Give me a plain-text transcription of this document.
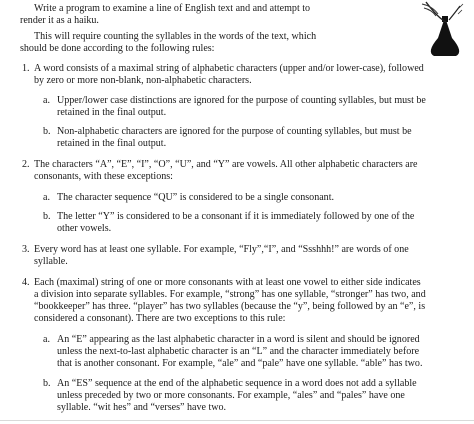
Write a program to examine a line of English text and and attempt to
render it as a haiku.
This will require counting the syllables in the words of the text, which
should be done according to the following rules:
1. A word consists of a maximal string of alphabetic characters (upper and/or lower-case), followed
by zero or more non-blank, non-alphabetic characters.
a. Upper/lower case distinctions are ignored for the purpose of counting syllables, but must be
retained in the final output.
b. Non-alphabetic characters are ignored for the purpose of counting syllables, but must be
retained in the final output.
2. The characters “A”, “E”, “I”, “O”, “U”, and “Y” are vowels. All other alphabetic characters are
consonants, with these exceptions:
a. The character sequence “QU” is considered to be a single consonant.
b. The letter “Y” is considered to be a consonant if it is immediately followed by one of the
other vowels.
3. Every word has at least one syllable. For example, “Fly”,“I”, and “Ssshhh!” are words of one
syllable.
4. Each (maximal) string of one or more consonants with at least one vowel to either side indicates
a division into separate syllables. For example, “strong” has one syllable, “stronger” has two, and
“bookkeeper” has three. “player” has two syllables (because the “y”, being followed by an “e”, is
considered a consonant). There are two exceptions to this rule:
a. An “E” appearing as the last alphabetic character in a word is silent and should be ignored
unless the next-to-last alphabetic character is an “L” and the character immediately before
that is another consonant. For example, “ale” and “pale” have one syllable. “able” has two.
b. An “ES” sequence at the end of the alphabetic sequence in a word does not add a syllable
unless preceded by two or more consonants. For example, “ales” and “pales” have one
syllable. “wit hes” and “verses” have two.
